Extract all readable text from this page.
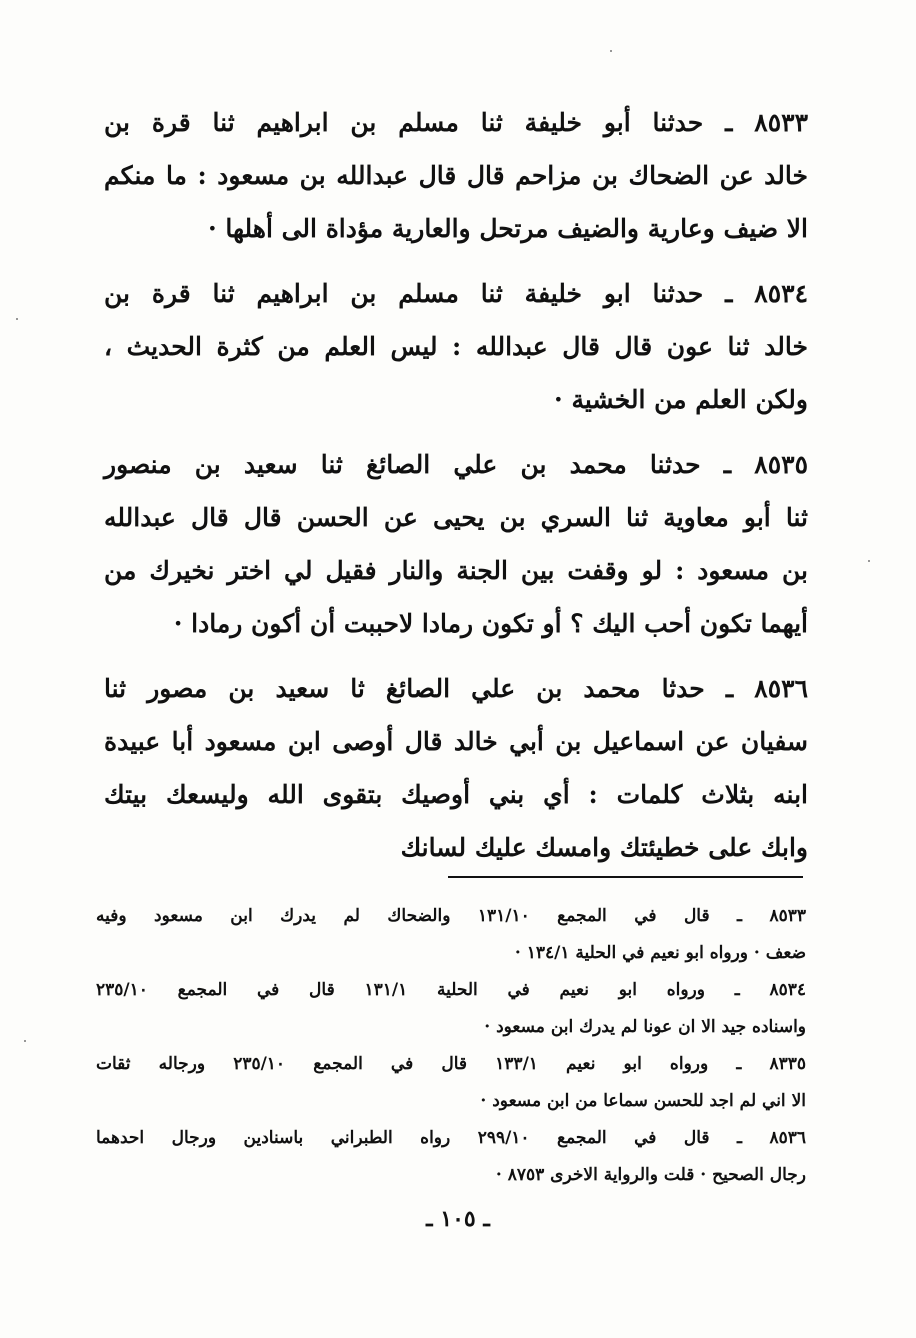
٨٥٣٣ ـ حدثنا أبو خليفة ثنا مسلم بن ابراهيم ثنا قرة بن
خالد عن الضحاك بن مزاحم قال قال عبدالله بن مسعود : ما منكم
الا ضيف وعارية والضيف مرتحل والعارية مؤداة الى أهلها ·
٨٥٣٤ ـ حدثنا ابو خليفة ثنا مسلم بن ابراهيم ثنا قرة بن
خالد ثنا عون قال قال عبدالله : ليس العلم من كثرة الحديث ،
ولكن العلم من الخشية ·
٨٥٣٥ ـ حدثنا محمد بن علي الصائغ ثنا سعيد بن منصور
ثنا أبو معاوية ثنا السري بن يحيى عن الحسن قال قال عبدالله
بن مسعود : لو وقفت بين الجنة والنار فقيل لي اختر نخيرك من
أيهما تكون أحب اليك ؟ أو تكون رمادا لاحببت أن أكون رمادا ·
٨٥٣٦ ـ حدثا محمد بن علي الصائغ ثا سعيد بن مصور ثنا
سفيان عن اسماعيل بن أبي خالد قال أوصى ابن مسعود أبا عبيدة
ابنه بثلاث كلمات : أي بني أوصيك بتقوى الله وليسعك بيتك
وابك على خطيئتك وامسك عليك لسانك
٨٥٣٣ ـ قال في المجمع ١٣١/١٠ والضحاك لم يدرك ابن مسعود وفيه
ضعف · ورواه ابو نعيم في الحلية ١٣٤/١ ·
٨٥٣٤ ـ ورواه ابو نعيم في الحلية ١٣١/١ قال في المجمع ٢٣٥/١٠
واسناده جيد الا ان عونا لم يدرك ابن مسعود ·
٨٣٣٥ ـ ورواه ابو نعيم ١٣٣/١ قال في المجمع ٢٣٥/١٠ ورجاله ثقات
الا اني لم اجد للحسن سماعا من ابن مسعود ·
٨٥٣٦ ـ قال في المجمع ٢٩٩/١٠ رواه الطبراني باسنادين ورجال احدهما
رجال الصحيح · قلت والرواية الاخرى ٨٧٥٣ ·
ـ ١٠٥ ـ
